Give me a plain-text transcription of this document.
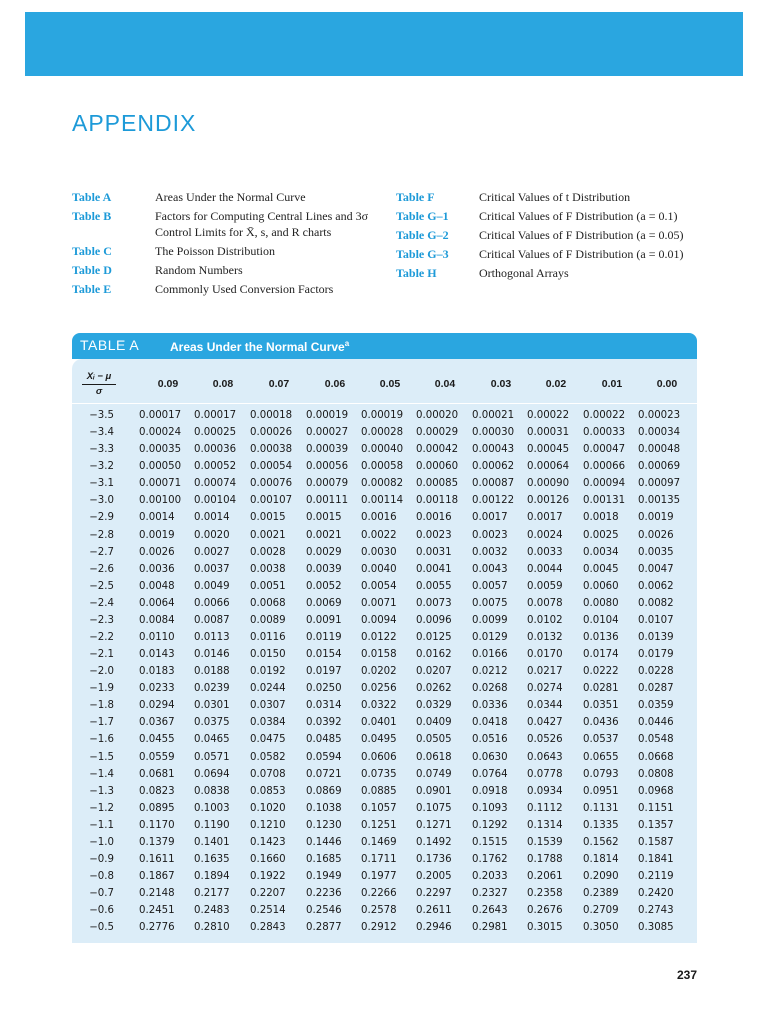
APPENDIX
Table A	Areas Under the Normal Curve
Table B	Factors for Computing Central Lines and 3σ Control Limits for X̄, s, and R charts
Table C	The Poisson Distribution
Table D	Random Numbers
Table E	Commonly Used Conversion Factors
Table F	Critical Values of t Distribution
Table G–1	Critical Values of F Distribution (a = 0.1)
Table G–2	Critical Values of F Distribution (a = 0.05)
Table G–3	Critical Values of F Distribution (a = 0.01)
Table H	Orthogonal Arrays
TABLE A	Areas Under the Normal Curve$^a$
$\frac{\text{Xᵢ − μ}}{\sigma}$	0.09	0.08	0.07	0.06	0.05	0.04	0.03	0.02	0.01	0.00
−3.5 0.00017 0.00017 0.00018 0.00019 0.00019 0.00020 0.00021 0.00022 0.00022 0.00023
−3.4 0.00024 0.00025 0.00026 0.00027 0.00028 0.00029 0.00030 0.00031 0.00033 0.00034
−3.3 0.00035 0.00036 0.00038 0.00039 0.00040 0.00042 0.00043 0.00045 0.00047 0.00048
−3.2 0.00050 0.00052 0.00054 0.00056 0.00058 0.00060 0.00062 0.00064 0.00066 0.00069
−3.1 0.00071 0.00074 0.00076 0.00079 0.00082 0.00085 0.00087 0.00090 0.00094 0.00097
−3.0 0.00100 0.00104 0.00107 0.00111 0.00114 0.00118 0.00122 0.00126 0.00131 0.00135
−2.9 0.0014 0.0014 0.0015 0.0015 0.0016 0.0016 0.0017 0.0017 0.0018 0.0019
−2.8 0.0019 0.0020 0.0021 0.0021 0.0022 0.0023 0.0023 0.0024 0.0025 0.0026
−2.7 0.0026 0.0027 0.0028 0.0029 0.0030 0.0031 0.0032 0.0033 0.0034 0.0035
−2.6 0.0036 0.0037 0.0038 0.0039 0.0040 0.0041 0.0043 0.0044 0.0045 0.0047
−2.5 0.0048 0.0049 0.0051 0.0052 0.0054 0.0055 0.0057 0.0059 0.0060 0.0062
−2.4 0.0064 0.0066 0.0068 0.0069 0.0071 0.0073 0.0075 0.0078 0.0080 0.0082
−2.3 0.0084 0.0087 0.0089 0.0091 0.0094 0.0096 0.0099 0.0102 0.0104 0.0107
−2.2 0.0110 0.0113 0.0116 0.0119 0.0122 0.0125 0.0129 0.0132 0.0136 0.0139
−2.1 0.0143 0.0146 0.0150 0.0154 0.0158 0.0162 0.0166 0.0170 0.0174 0.0179
−2.0 0.0183 0.0188 0.0192 0.0197 0.0202 0.0207 0.0212 0.0217 0.0222 0.0228
−1.9 0.0233 0.0239 0.0244 0.0250 0.0256 0.0262 0.0268 0.0274 0.0281 0.0287
−1.8 0.0294 0.0301 0.0307 0.0314 0.0322 0.0329 0.0336 0.0344 0.0351 0.0359
−1.7 0.0367 0.0375 0.0384 0.0392 0.0401 0.0409 0.0418 0.0427 0.0436 0.0446
−1.6 0.0455 0.0465 0.0475 0.0485 0.0495 0.0505 0.0516 0.0526 0.0537 0.0548
−1.5 0.0559 0.0571 0.0582 0.0594 0.0606 0.0618 0.0630 0.0643 0.0655 0.0668
−1.4 0.0681 0.0694 0.0708 0.0721 0.0735 0.0749 0.0764 0.0778 0.0793 0.0808
−1.3 0.0823 0.0838 0.0853 0.0869 0.0885 0.0901 0.0918 0.0934 0.0951 0.0968
−1.2 0.0895 0.1003 0.1020 0.1038 0.1057 0.1075 0.1093 0.1112 0.1131 0.1151
−1.1 0.1170 0.1190 0.1210 0.1230 0.1251 0.1271 0.1292 0.1314 0.1335 0.1357
−1.0 0.1379 0.1401 0.1423 0.1446 0.1469 0.1492 0.1515 0.1539 0.1562 0.1587
−0.9 0.1611 0.1635 0.1660 0.1685 0.1711 0.1736 0.1762 0.1788 0.1814 0.1841
−0.8 0.1867 0.1894 0.1922 0.1949 0.1977 0.2005 0.2033 0.2061 0.2090 0.2119
−0.7 0.2148 0.2177 0.2207 0.2236 0.2266 0.2297 0.2327 0.2358 0.2389 0.2420
−0.6 0.2451 0.2483 0.2514 0.2546 0.2578 0.2611 0.2643 0.2676 0.2709 0.2743
−0.5 0.2776 0.2810 0.2843 0.2877 0.2912 0.2946 0.2981 0.3015 0.3050 0.3085
237
